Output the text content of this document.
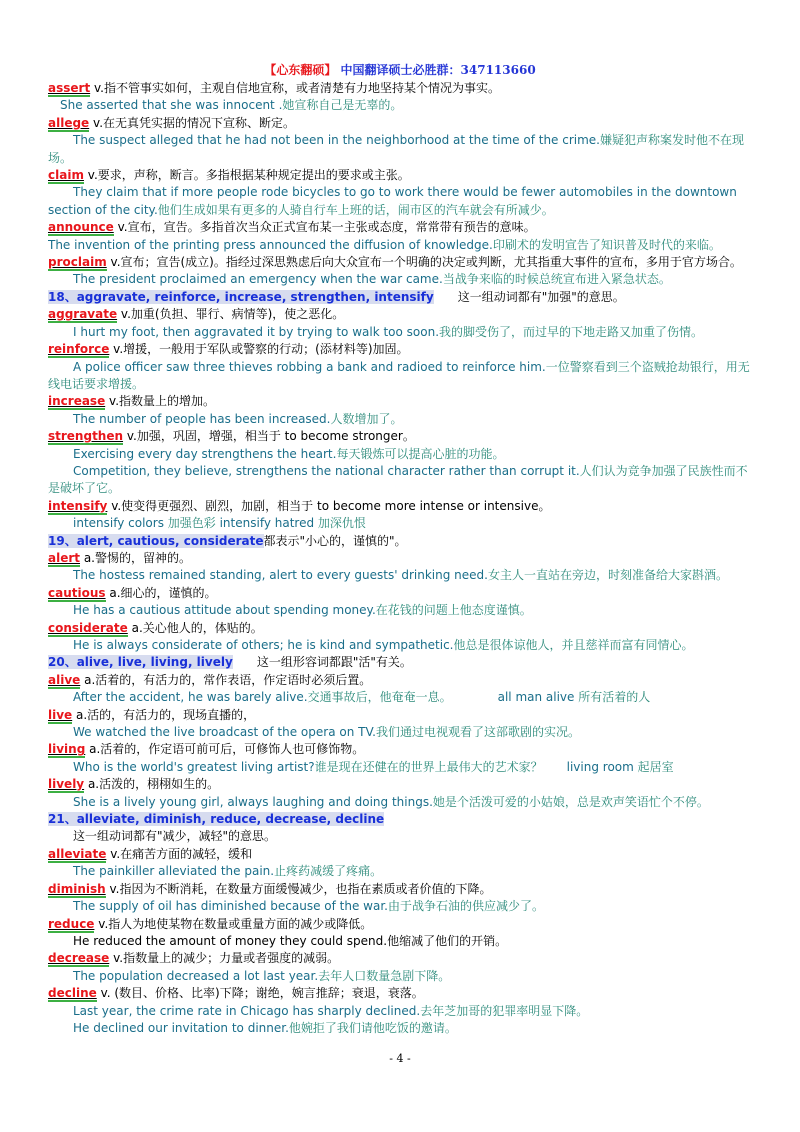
【心东翻硕】 中国翻译硕士必胜群：347113660
assert v.指不管事实如何，主观自信地宣称，或者清楚有力地坚持某个情况为事实。
She asserted that she was innocent .她宣称自己是无辜的。
allege v.在无真凭实据的情况下宣称、断定。
The suspect alleged that he had not been in the neighborhood at the time of the crime.嫌疑犯声称案发时他不在现
场。
claim v.要求，声称，断言。多指根据某种规定提出的要求或主张。
They claim that if more people rode bicycles to go to work there would be fewer automobiles in the downtown
section of the city.他们生成如果有更多的人骑自行车上班的话，闹市区的汽车就会有所减少。
announce v.宣布，宣告。多指首次当众正式宣布某一主张或态度，常常带有预告的意味。
The invention of the printing press announced the diffusion of knowledge.印刷术的发明宣告了知识普及时代的来临。
proclaim v.宣布；宣告(成立)。指经过深思熟虑后向大众宣布一个明确的决定或判断，尤其指重大事件的宣布，多用于官方场合。
The president proclaimed an emergency when the war came.当战争来临的时候总统宣布进入紧急状态。
18、aggravate, reinforce, increase, strengthen, intensify 这一组动词都有"加强"的意思。
aggravate v.加重(负担、罪行、病情等)，使之恶化。
I hurt my foot, then aggravated it by trying to walk too soon.我的脚受伤了，而过早的下地走路又加重了伤情。
reinforce v.增援，一般用于军队或警察的行动；(添材料等)加固。
A police officer saw three thieves robbing a bank and radioed to reinforce him.一位警察看到三个盗贼抢劫银行，用无
线电话要求增援。
increase v.指数量上的增加。
The number of people has been increased.人数增加了。
strengthen v.加强，巩固，增强，相当于 to become stronger。
Exercising every day strengthens the heart.每天锻炼可以提高心脏的功能。
Competition, they believe, strengthens the national character rather than corrupt it.人们认为竞争加强了民族性而不
是破坏了它。
intensify v.使变得更强烈、剧烈，加剧，相当于 to become more intense or intensive。
intensify colors 加强色彩 intensify hatred 加深仇恨
19、alert, cautious, considerate都表示"小心的，谨慎的"。
alert a.警惕的，留神的。
The hostess remained standing, alert to every guests' drinking need.女主人一直站在旁边，时刻准备给大家斟酒。
cautious a.细心的，谨慎的。
He has a cautious attitude about spending money.在花钱的问题上他态度谨慎。
considerate a.关心他人的，体贴的。
He is always considerate of others; he is kind and sympathetic.他总是很体谅他人，并且慈祥而富有同情心。
20、alive, live, living, lively 这一组形容词都跟"活"有关。
alive a.活着的，有活力的，常作表语，作定语时必须后置。
After the accident, he was barely alive.交通事故后，他奄奄一息。	all man alive 所有活着的人
live a.活的，有活力的，现场直播的，
We watched the live broadcast of the opera on TV.我们通过电视观看了这部歌剧的实况。
living a.活着的，作定语可前可后，可修饰人也可修饰物。
Who is the world's greatest living artist?谁是现在还健在的世界上最伟大的艺术家？ living room 起居室
lively a.活泼的，栩栩如生的。
She is a lively young girl, always laughing and doing things.她是个活泼可爱的小姑娘，总是欢声笑语忙个不停。
21、alleviate, diminish, reduce, decrease, decline
这一组动词都有"减少，减轻"的意思。
alleviate v.在痛苦方面的减轻，缓和
The painkiller alleviated the pain.止疼药减缓了疼痛。
diminish v.指因为不断消耗，在数量方面缓慢减少，也指在素质或者价值的下降。
The supply of oil has diminished because of the war.由于战争石油的供应减少了。
reduce v.指人为地使某物在数量或重量方面的减少或降低。
He reduced the amount of money they could spend.他缩减了他们的开销。
decrease v.指数量上的减少；力量或者强度的减弱。
The population decreased a lot last year.去年人口数量急剧下降。
decline v. (数目、价格、比率)下降；谢绝，婉言推辞；衰退，衰落。
Last year, the crime rate in Chicago has sharply declined.去年芝加哥的犯罪率明显下降。
He declined our invitation to dinner.他婉拒了我们请他吃饭的邀请。
- 4 -
